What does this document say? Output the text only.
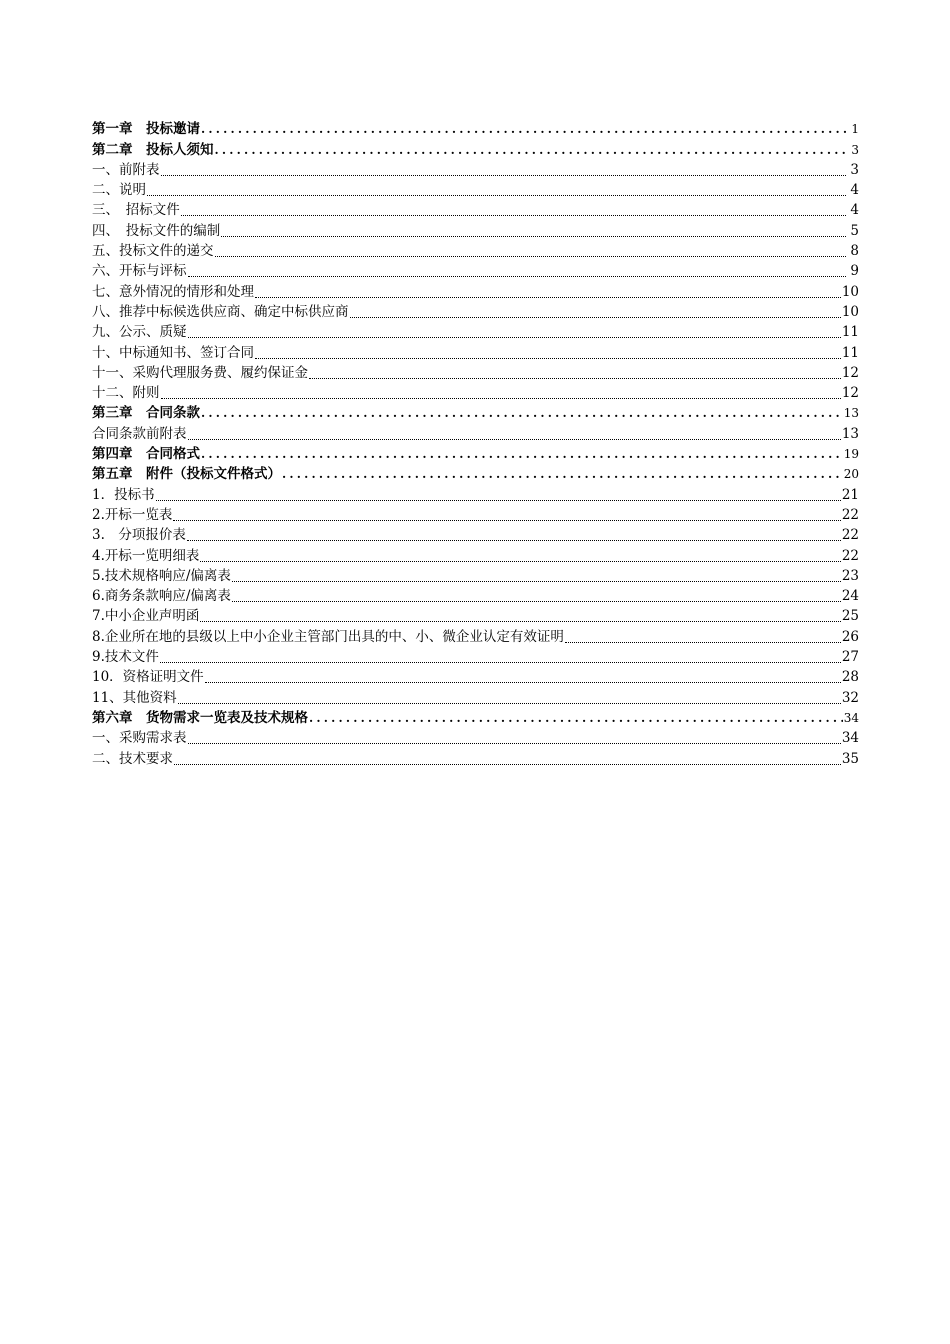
第一章　投标邀请 .....	1
第二章　投标人须知 .....	3
一、前附表	3
二、说明	4
三、　招标文件	4
四、　投标文件的编制	5
五、投标文件的递交	8
六、开标与评标	9
七、意外情况的情形和处理	10
八、推荐中标候选供应商、确定中标供应商	10
九、公示、质疑	11
十、中标通知书、签订合同	11
十一、采购代理服务费、履约保证金	12
十二、附则	12
第三章　合同条款 .....	13
合同条款前附表	13
第四章　合同格式 .....	19
第五章　附件（投标文件格式） .....	20
1．投标书	21
2.开标一览表	22
3.　分项报价表	22
4.开标一览明细表	22
5.技术规格响应/偏离表	23
6.商务条款响应/偏离表	24
7.中小企业声明函	25
8.企业所在地的县级以上中小企业主管部门出具的中、小、微企业认定有效证明	26
9.技术文件	27
10．资格证明文件	28
11、其他资料	32
第六章　货物需求一览表及技术规格 .....	34
一、采购需求表	34
二、技术要求	35
